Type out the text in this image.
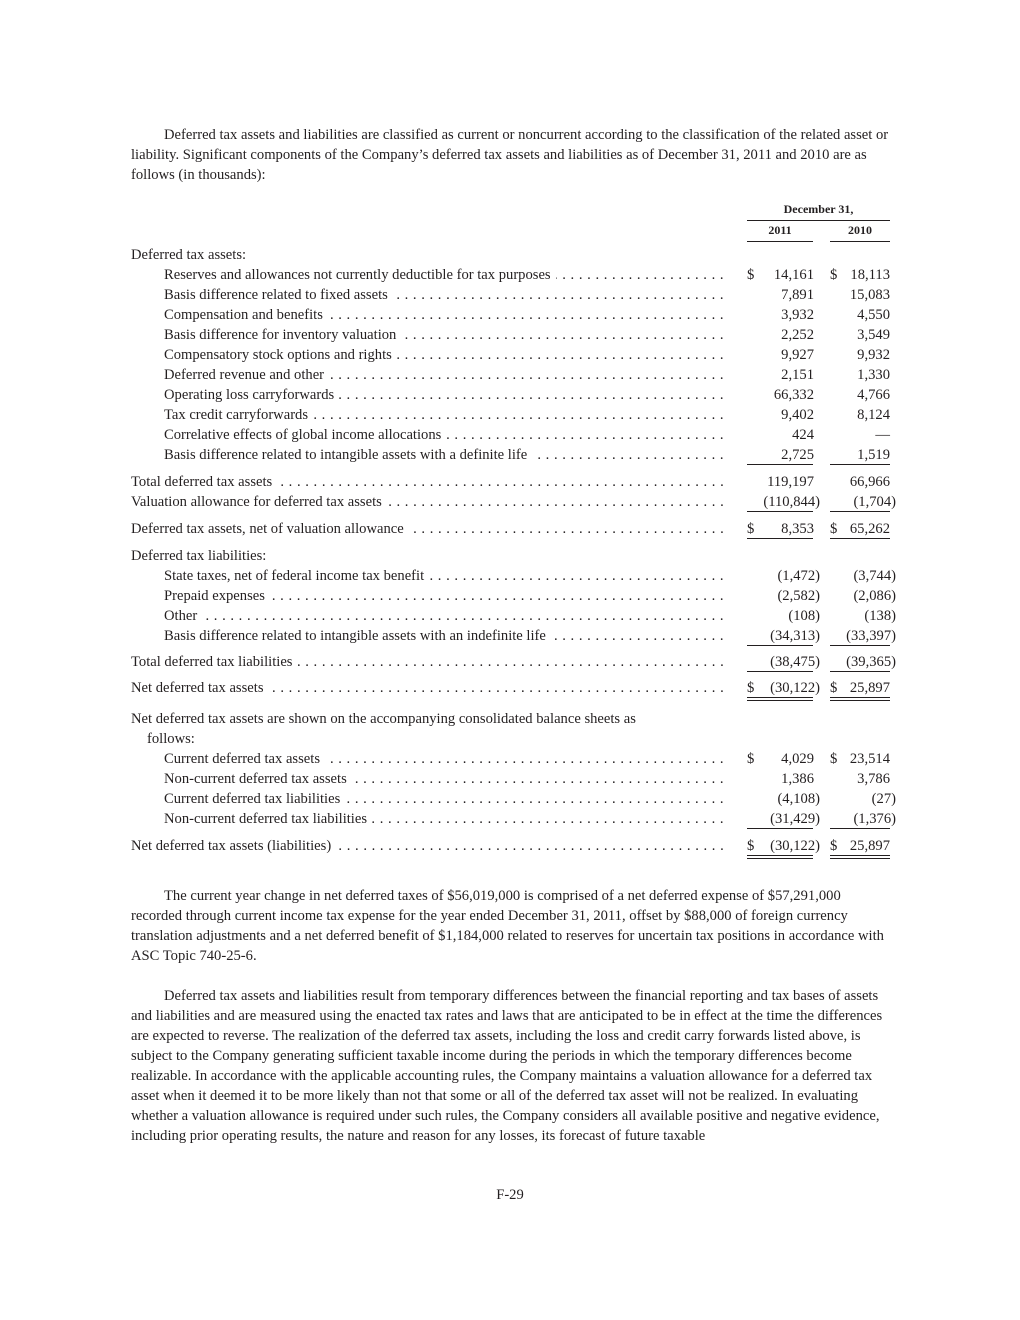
Deferred tax assets and liabilities are classified as current or noncurrent according to the classification of the related asset or liability. Significant components of the Company’s deferred tax assets and liabilities as of December 31, 2011 and 2010 are as follows (in thousands):

December 31,
2011	2010
Deferred tax assets:
Reserves and allowances not currently deductible for tax purposes . . .	$	14,161 $ 18,113
Basis difference related to fixed assets . . .	7,891	15,083
Compensation and benefits . . .	3,932	4,550
Basis difference for inventory valuation . . .	2,252	3,549
Compensatory stock options and rights . . .	9,927	9,932
Deferred revenue and other . . .	2,151	1,330
Operating loss carryforwards . . .	66,332	4,766
Tax credit carryforwards . . .	9,402	8,124
Correlative effects of global income allocations . . .	424	—
Basis difference related to intangible assets with a definite life . . .	2,725	1,519
Total deferred tax assets . . .	119,197	66,966
Valuation allowance for deferred tax assets . . .	(110,844)	(1,704)
Deferred tax assets, net of valuation allowance . . .	$	8,353 $ 65,262
Deferred tax liabilities:
State taxes, net of federal income tax benefit . . .	(1,472)	(3,744)
Prepaid expenses . . .	(2,582)	(2,086)
Other . . .	(108)	(138)
Basis difference related to intangible assets with an indefinite life . . .	(34,313)	(33,397)
Total deferred tax liabilities . . .	(38,475)	(39,365)
Net deferred tax assets . . .	$	(30,122) $ 25,897
Net deferred tax assets are shown on the accompanying consolidated balance sheets as
follows:
Current deferred tax assets . . .	$	4,029 $ 23,514
Non-current deferred tax assets . . .	1,386	3,786
Current deferred tax liabilities . . .	(4,108)	(27)
Non-current deferred tax liabilities . . .	(31,429)	(1,376)
Net deferred tax assets (liabilities) . . .	$	(30,122) $ 25,897

The current year change in net deferred taxes of $56,019,000 is comprised of a net deferred expense of $57,291,000 recorded through current income tax expense for the year ended December 31, 2011, offset by $88,000 of foreign currency translation adjustments and a net deferred benefit of $1,184,000 related to reserves for uncertain tax positions in accordance with ASC Topic 740-25-6.

Deferred tax assets and liabilities result from temporary differences between the financial reporting and tax bases of assets and liabilities and are measured using the enacted tax rates and laws that are anticipated to be in effect at the time the differences are expected to reverse. The realization of the deferred tax assets, including the loss and credit carry forwards listed above, is subject to the Company generating sufficient taxable income during the periods in which the temporary differences become realizable. In accordance with the applicable accounting rules, the Company maintains a valuation allowance for a deferred tax asset when it deemed it to be more likely than not that some or all of the deferred tax asset will not be realized. In evaluating whether a valuation allowance is required under such rules, the Company considers all available positive and negative evidence, including prior operating results, the nature and reason for any losses, its forecast of future taxable

F-29
